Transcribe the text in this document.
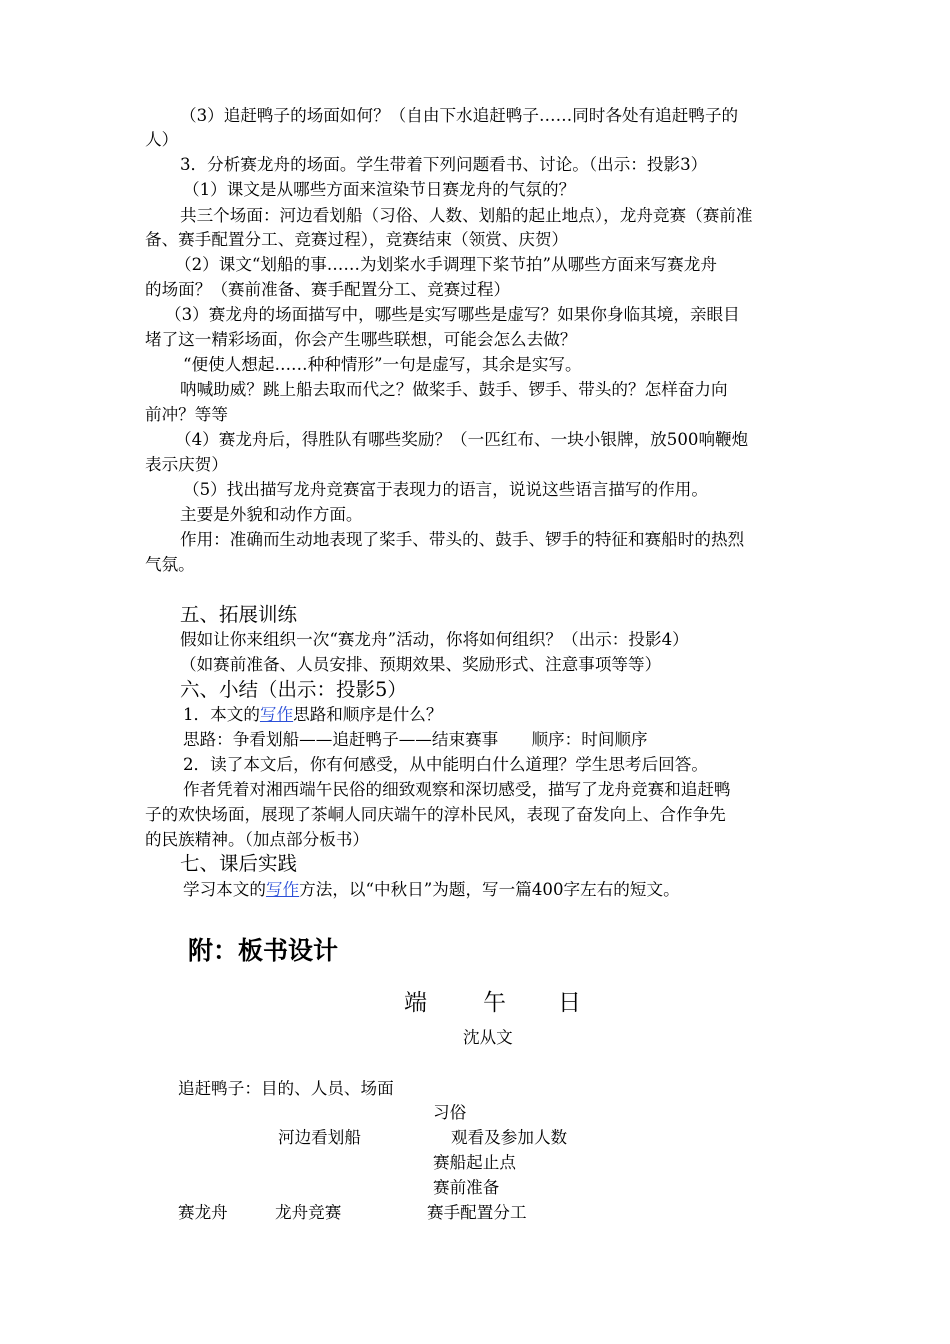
（3）追赶鸭子的场面如何？（自由下水追赶鸭子……同时各处有追赶鸭子的
人）
3．分析赛龙舟的场面。学生带着下列问题看书、讨论。（出示：投影3）
（1）课文是从哪些方面来渲染节日赛龙舟的气氛的？
共三个场面：河边看划船（习俗、人数、划船的起止地点），龙舟竞赛（赛前准
备、赛手配置分工、竞赛过程），竞赛结束（领赏、庆贺）
（2）课文“划船的事……为划桨水手调理下桨节拍”从哪些方面来写赛龙舟
的场面？（赛前准备、赛手配置分工、竞赛过程）
（3）赛龙舟的场面描写中，哪些是实写哪些是虚写？如果你身临其境，亲眼目
堵了这一精彩场面，你会产生哪些联想，可能会怎么去做？
“便使人想起……种种情形”一句是虚写，其余是实写。
呐喊助威？跳上船去取而代之？做桨手、鼓手、锣手、带头的？怎样奋力向
前冲？等等
（4）赛龙舟后，得胜队有哪些奖励？（一匹红布、一块小银牌，放500响鞭炮
表示庆贺）
（5）找出描写龙舟竞赛富于表现力的语言，说说这些语言描写的作用。
主要是外貌和动作方面。
作用：准确而生动地表现了桨手、带头的、鼓手、锣手的特征和赛船时的热烈
气氛。
五、拓展训练
假如让你来组织一次“赛龙舟”活动，你将如何组织？（出示：投影4）
（如赛前准备、人员安排、预期效果、奖励形式、注意事项等等）
六、小结（出示：投影5）
1．本文的写作思路和顺序是什么？
思路：争看划船——追赶鸭子——结束赛事　　顺序：时间顺序
2．读了本文后，你有何感受，从中能明白什么道理？学生思考后回答。
作者凭着对湘西端午民俗的细致观察和深切感受，描写了龙舟竞赛和追赶鸭
子的欢快场面，展现了茶峒人同庆端午的淳朴民风，表现了奋发向上、合作争先
的民族精神。（加点部分板书）
七、课后实践
学习本文的写作方法，以“中秋日”为题，写一篇400字左右的短文。
附：板书设计
端 午 日
沈从文
追赶鸭子：目的、人员、场面
习俗
河边看划船	观看及参加人数
赛船起止点
赛前准备
赛龙舟	龙舟竞赛	赛手配置分工
